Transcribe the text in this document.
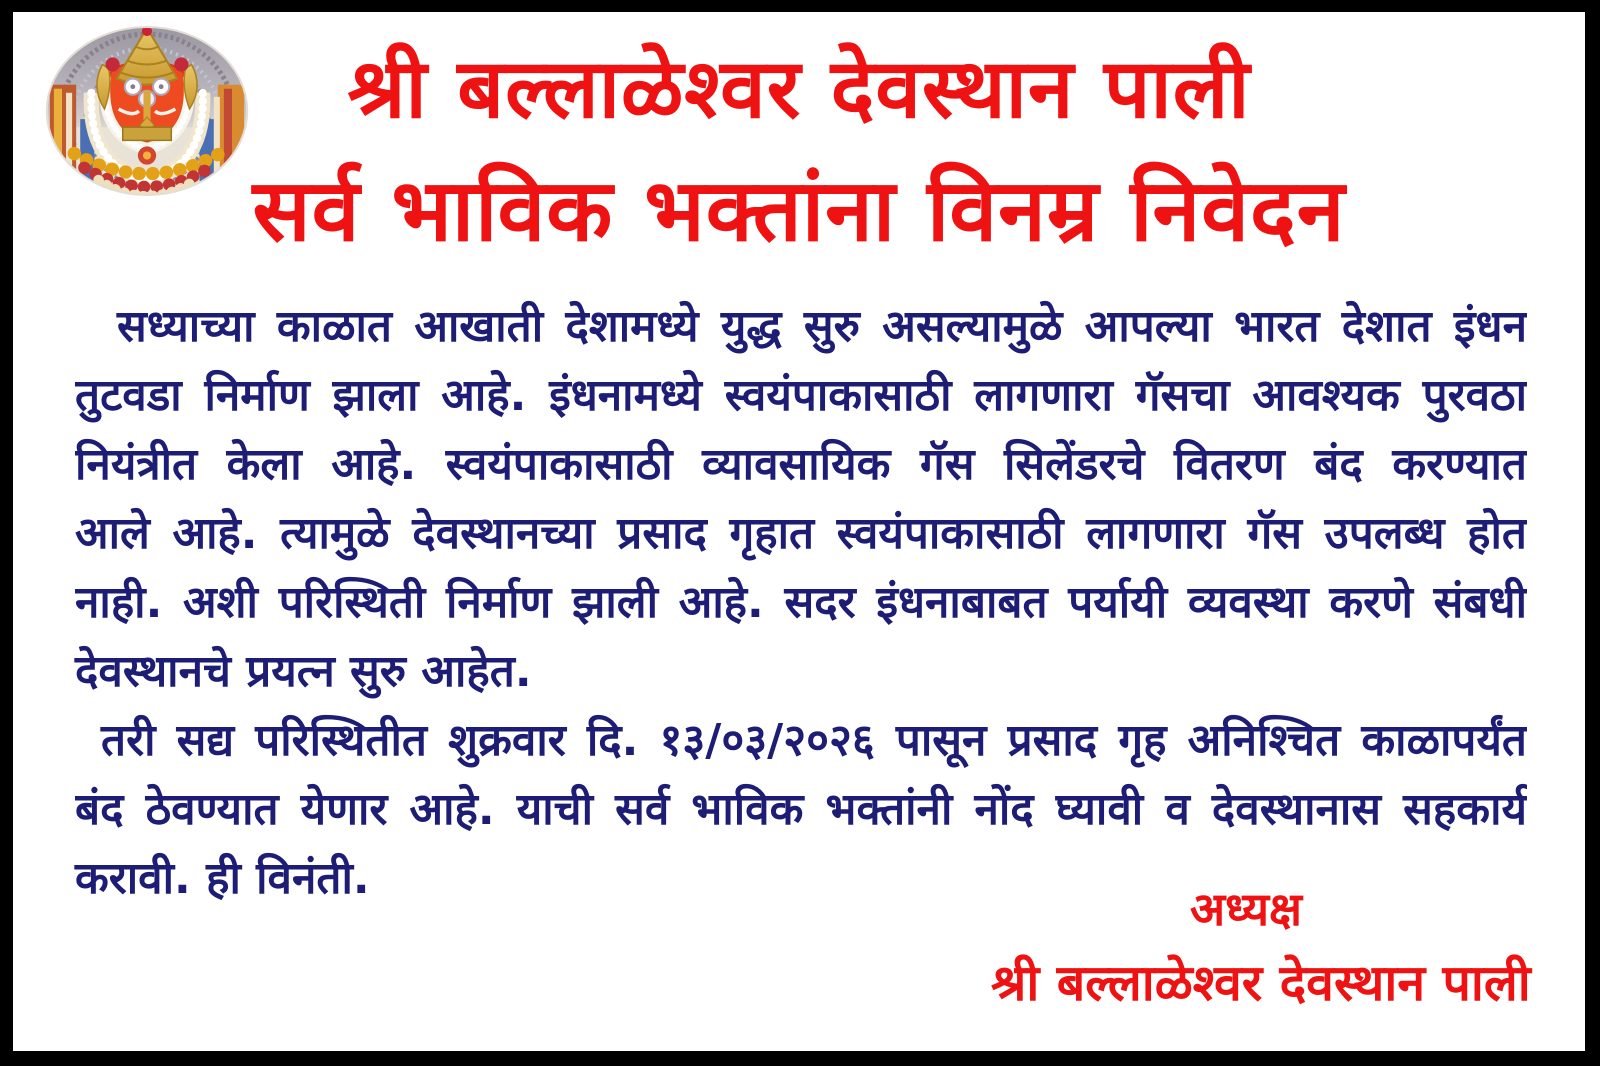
श्री बल्लाळेश्वर देवस्थान पाली
सर्व भाविक भक्तांना विनम्र निवेदन
सध्याच्या काळात आखाती देशामध्ये युद्ध सुरु असल्यामुळे आपल्या भारत देशात इंधन
तुटवडा निर्माण झाला आहे. इंधनामध्ये स्वयंपाकासाठी लागणारा गॅसचा आवश्यक पुरवठा
नियंत्रीत केला आहे. स्वयंपाकासाठी व्यावसायिक गॅस सिलेंडरचे वितरण बंद करण्यात
आले आहे. त्यामुळे देवस्थानच्या प्रसाद गृहात स्वयंपाकासाठी लागणारा गॅस उपलब्ध होत
नाही. अशी परिस्थिती निर्माण झाली आहे. सदर इंधनाबाबत पर्यायी व्यवस्था करणे संबधी
देवस्थानचे प्रयत्न सुरु आहेत.
तरी सद्य परिस्थितीत शुक्रवार दि. १३/०३/२०२६ पासून प्रसाद गृह अनिश्चित काळापर्यंत
बंद ठेवण्यात येणार आहे. याची सर्व भाविक भक्तांनी नोंद घ्यावी व देवस्थानास सहकार्य
करावी. ही विनंती.
अध्यक्ष
श्री बल्लाळेश्वर देवस्थान पाली
